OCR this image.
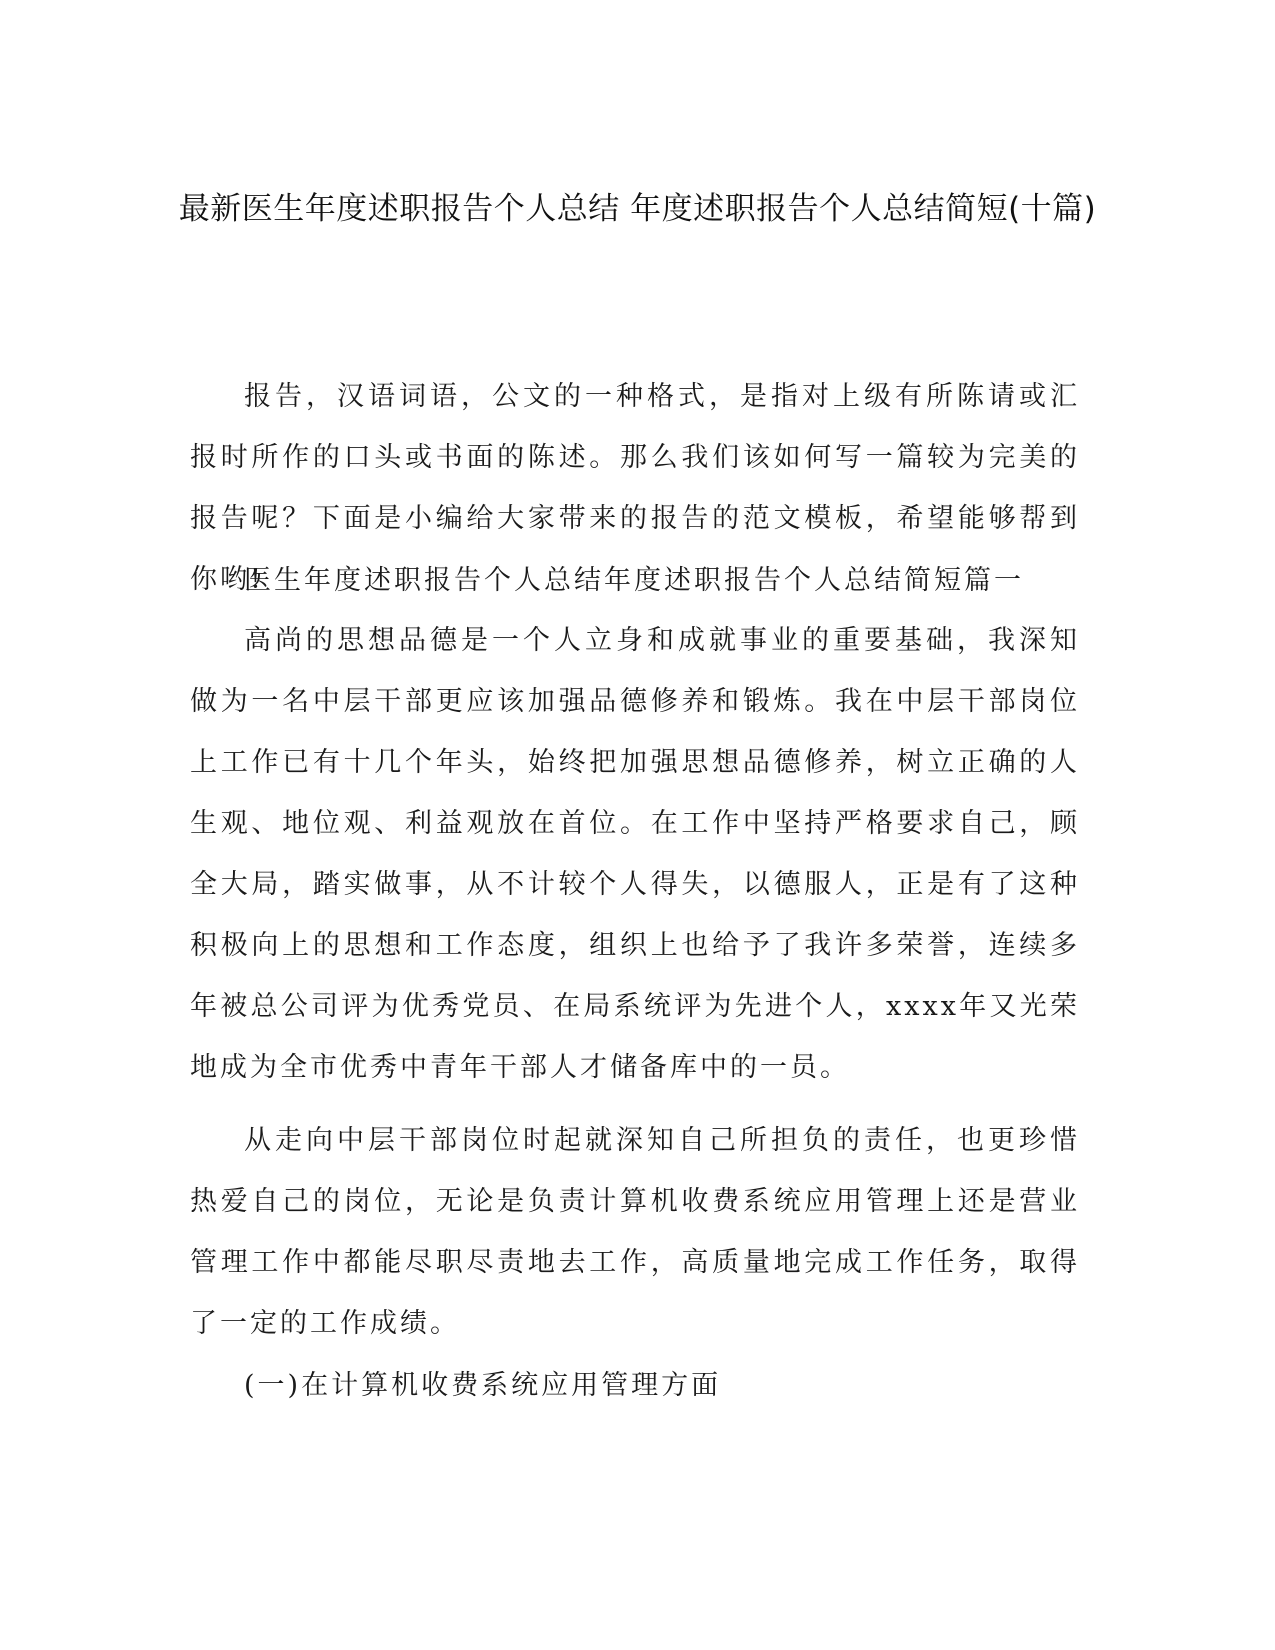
最新医生年度述职报告个人总结 年度述职报告个人总结简短(十篇)

报告，汉语词语，公文的一种格式，是指对上级有所陈请或汇报时所作的口头或书面的陈述。那么我们该如何写一篇较为完美的报告呢？下面是小编给大家带来的报告的范文模板，希望能够帮到你哟!

医生年度述职报告个人总结年度述职报告个人总结简短篇一

高尚的思想品德是一个人立身和成就事业的重要基础，我深知做为一名中层干部更应该加强品德修养和锻炼。我在中层干部岗位上工作已有十几个年头，始终把加强思想品德修养，树立正确的人生观、地位观、利益观放在首位。在工作中坚持严格要求自己，顾全大局，踏实做事，从不计较个人得失，以德服人，正是有了这种积极向上的思想和工作态度，组织上也给予了我许多荣誉，连续多年被总公司评为优秀党员、在局系统评为先进个人，xxxx年又光荣地成为全市优秀中青年干部人才储备库中的一员。

从走向中层干部岗位时起就深知自己所担负的责任，也更珍惜热爱自己的岗位，无论是负责计算机收费系统应用管理上还是营业管理工作中都能尽职尽责地去工作，高质量地完成工作任务，取得了一定的工作成绩。

(一)在计算机收费系统应用管理方面
